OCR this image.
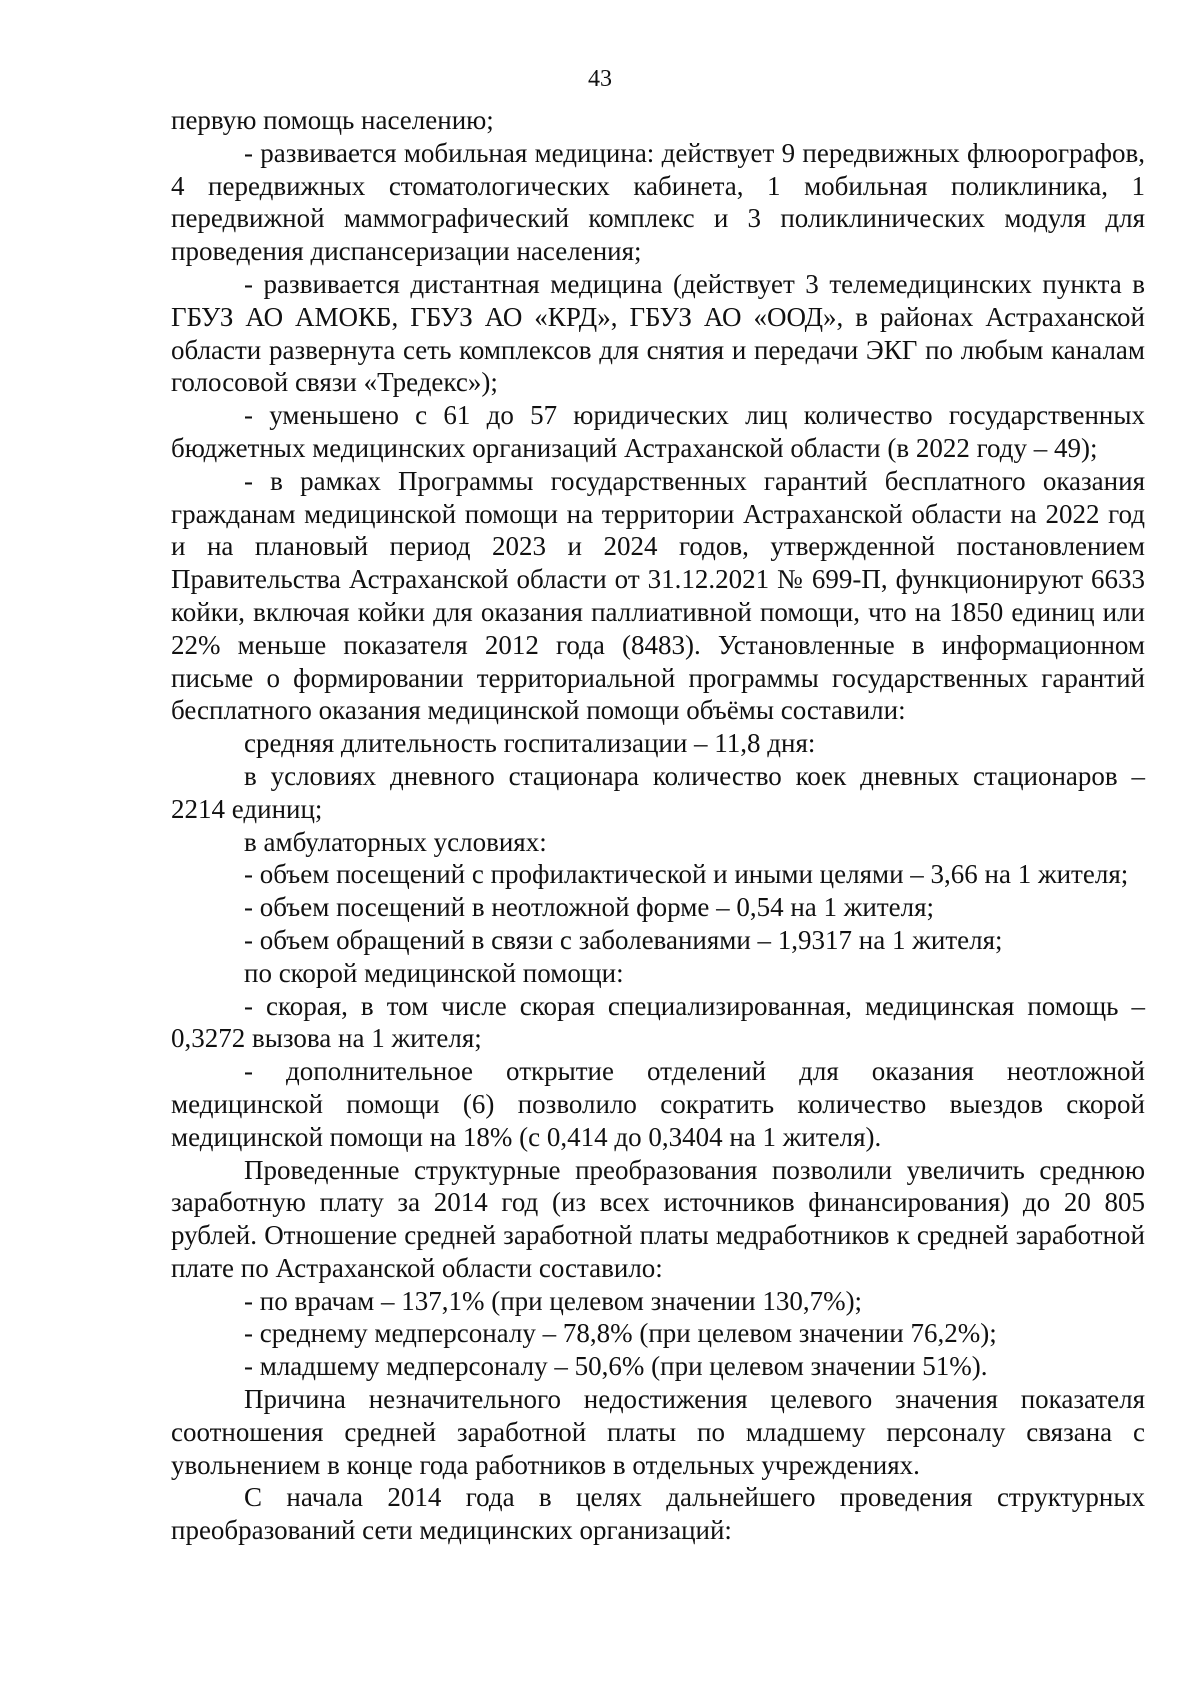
43

первую помощь населению;

- развивается мобильная медицина: действует 9 передвижных флюорографов, 4 передвижных стоматологических кабинета, 1 мобильная поликлиника, 1 передвижной маммографический комплекс и 3 поликлинических модуля для проведения диспансеризации населения;

- развивается дистантная медицина (действует 3 телемедицинских пункта в ГБУЗ АО АМОКБ, ГБУЗ АО «КРД», ГБУЗ АО «ООД», в районах Астраханской области развернута сеть комплексов для снятия и передачи ЭКГ по любым каналам голосовой связи «Тредекс»);

- уменьшено с 61 до 57 юридических лиц количество государственных бюджетных медицинских организаций Астраханской области (в 2022 году – 49);

- в рамках Программы государственных гарантий бесплатного оказания гражданам медицинской помощи на территории Астраханской области на 2022 год и на плановый период 2023 и 2024 годов, утвержденной постановлением Правительства Астраханской области от 31.12.2021 № 699-П, функционируют 6633 койки, включая койки для оказания паллиативной помощи, что на 1850 единиц или 22% меньше показателя 2012 года (8483). Установленные в информационном письме о формировании территориальной программы государственных гарантий бесплатного оказания медицинской помощи объёмы составили:

средняя длительность госпитализации – 11,8 дня:

в условиях дневного стационара количество коек дневных стационаров – 2214 единиц;

в амбулаторных условиях:

- объем посещений с профилактической и иными целями – 3,66 на 1 жителя;

- объем посещений в неотложной форме – 0,54 на 1 жителя;

- объем обращений в связи с заболеваниями – 1,9317 на 1 жителя;

по скорой медицинской помощи:

- скорая, в том числе скорая специализированная, медицинская помощь – 0,3272 вызова на 1 жителя;

- дополнительное открытие отделений для оказания неотложной медицинской помощи (6) позволило сократить количество выездов скорой медицинской помощи на 18% (с 0,414 до 0,3404 на 1 жителя).

Проведенные структурные преобразования позволили увеличить среднюю заработную плату за 2014 год (из всех источников финансирования) до 20 805 рублей. Отношение средней заработной платы медработников к средней заработной плате по Астраханской области составило:

- по врачам – 137,1% (при целевом значении 130,7%);

- среднему медперсоналу – 78,8% (при целевом значении 76,2%);

- младшему медперсоналу – 50,6% (при целевом значении 51%).

Причина незначительного недостижения целевого значения показателя соотношения средней заработной платы по младшему персоналу связана с увольнением в конце года работников в отдельных учреждениях.

С начала 2014 года в целях дальнейшего проведения структурных преобразований сети медицинских организаций:
